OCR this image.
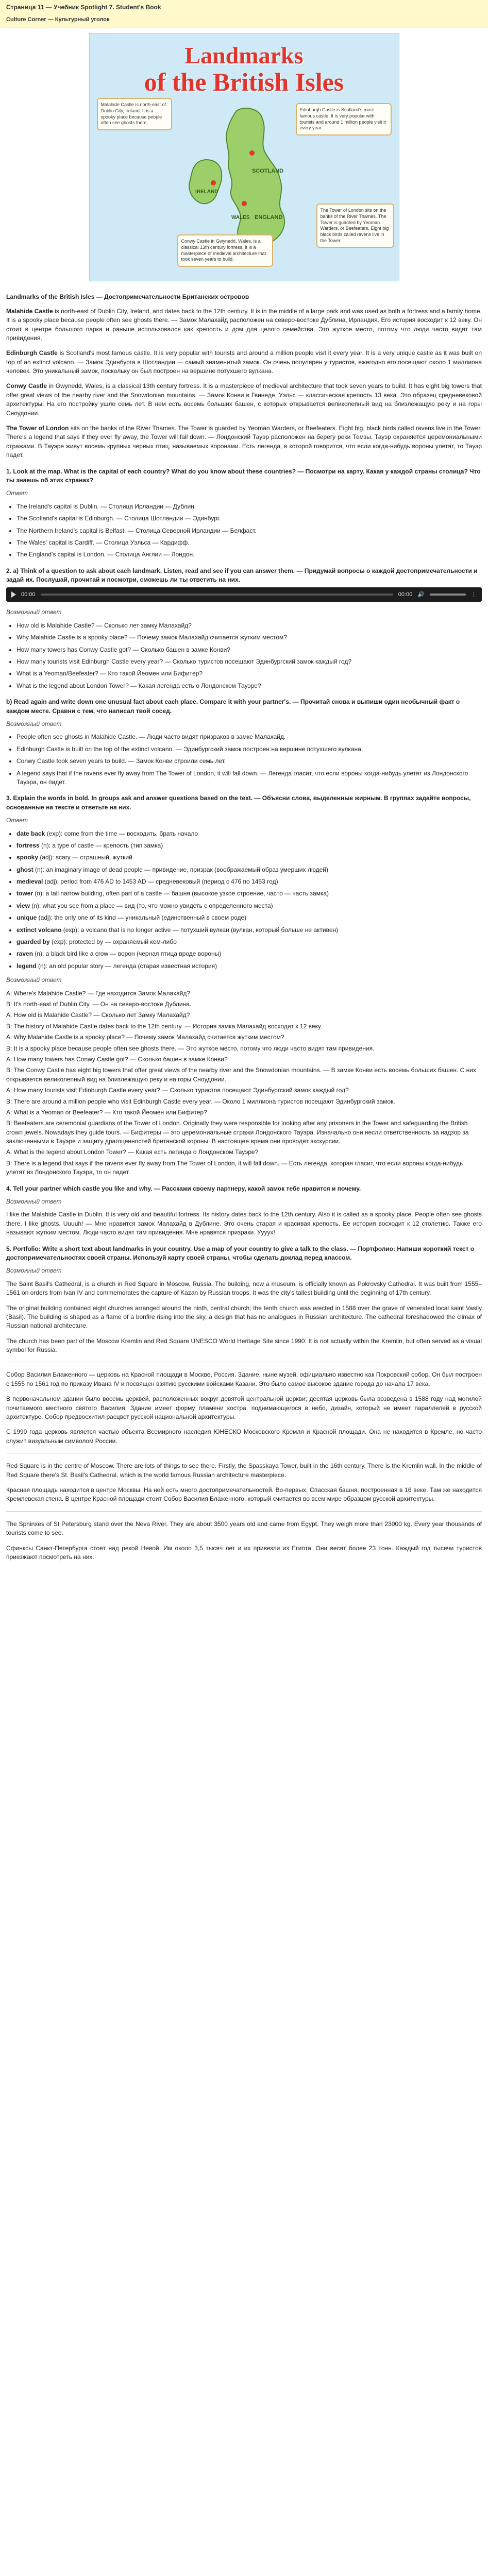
Страница 11 — Учебник Spotlight 7. Student's Book
Culture Corner — Культурный уголок
SCOTLAND
ENGLAND
IRELAND
WALES
Landmarks
of the British Isles
Malahide Castle is north-east of Dublin City, Ireland. It is a spooky place because people often see ghosts there.
Edinburgh Castle is Scotland's most famous castle. It is very popular with tourists and around 1 million people visit it every year.
The Tower of London sits on the banks of the River Thames. The Tower is guarded by Yeoman Warders, or Beefeaters. Eight big black birds called ravens live in the Tower.
Conwy Castle in Gwynedd, Wales, is a classical 13th century fortress. It is a masterpiece of medieval architecture that took seven years to build.
Landmarks of the British Isles — Достопримечательности Британских островов

Malahide Castle is north-east of Dublin City, Ireland, and dates back to the 12th century. It is in the middle of a large park and was used as both a fortress and a family home. It is a spooky place because people often see ghosts there. — Замок Малахайд расположен на северо-востоке Дублина, Ирландия. Его история восходит к 12 веку. Он стоит в центре большого парка и раньше использовался как крепость и дом для целого семейства. Это жуткое место, потому что люди часто видят там привидения.

Edinburgh Castle is Scotland's most famous castle. It is very popular with tourists and around a million people visit it every year. It is a very unique castle as it was built on top of an extinct volcano. — Замок Эдинбурга в Шотландии — самый знаменитый замок. Он очень популярен у туристов, ежегодно его посещают около 1 миллиона человек. Это уникальный замок, поскольку он был построен на вершине потухшего вулкана.

Conwy Castle in Gwynedd, Wales, is a classical 13th century fortress. It is a masterpiece of medieval architecture that took seven years to build. It has eight big towers that offer great views of the nearby river and the Snowdonian mountains. — Замок Конви в Гвинеде, Уэльс — классическая крепость 13 века. Это образец средневековой архитектуры. На его постройку ушло семь лет. В нем есть восемь больших башен, с которых открывается великолепный вид на близлежащую реку и на горы Сноудонии.

The Tower of London sits on the banks of the River Thames. The Tower is guarded by Yeoman Warders, or Beefeaters. Eight big, black birds called ravens live in the Tower. There's a legend that says if they ever fly away, the Tower will fall down. — Лондонский Тауэр расположен на берегу реки Темзы. Тауэр охраняется церемониальными стражами. В Тауэре живут восемь крупных черных птиц, называемых воронами. Есть легенда, в которой говорится, что если когда-нибудь вороны улетят, то Тауэр падет.

1. Look at the map. What is the capital of each country? What do you know about these countries? — Посмотри на карту. Какая у каждой страны столица? Что ты знаешь об этих странах?
Ответ
• The Ireland's capital is Dublin. — Столица Ирландии — Дублин.
• The Scotland's capital is Edinburgh. — Столица Шотландии — Эдинбург.
• The Northern Ireland's capital is Belfast. — Столица Северной Ирландии — Белфаст.
• The Wales' capital is Cardiff. — Столица Уэльса — Кардифф.
• The England's capital is London. — Столица Англии — Лондон.
2. a) Think of a question to ask about each landmark. Listen, read and see if you can answer them. — Придумай вопросы о каждой достопримечательности и задай их. Послушай, прочитай и посмотри, сможешь ли ты ответить на них.
00:00	00:00 🔊	⋮
Возможный ответ
• How old is Malahide Castle? — Сколько лет замку Малахайд?
• Why Malahide Castle is a spooky place? — Почему замок Малахайд считается жутким местом?
• How many towers has Conwy Castle got? — Сколько башен в замке Конви?
• How many tourists visit Edinburgh Castle every year? — Сколько туристов посещают Эдинбургский замок каждый год?
• What is a Yeoman/Beefeater? — Кто такой Йеомен или Бифитер?
• What is the legend about London Tower? — Какая легенда есть о Лондонском Тауэре?
b) Read again and write down one unusual fact about each place. Compare it with your partner's. — Прочитай снова и выпиши один необычный факт о каждом месте. Сравни с тем, что написал твой сосед.
Возможный ответ
• People often see ghosts in Malahide Castle. — Люди часто видят призраков в замке Малахайд.
• Edinburgh Castle is built on the top of the extinct volcano. — Эдинбургский замок построен на вершине потухшего вулкана.
• Conwy Castle took seven years to build. — Замок Конви строили семь лет.
• A legend says that if the ravens ever fly away from The Tower of London, it will fall down. — Легенда гласит, что если вороны когда-нибудь улетят из Лондонского Тауэра, он падет.
3. Explain the words in bold. In groups ask and answer questions based on the text. — Объясни слова, выделенные жирным. В группах задайте вопросы, основанные на тексте и ответьте на них.
Ответ
• date back (exp): come from the time — восходить, брать начало
• fortress (n): a type of castle — крепость (тип замка)
• spooky (adj): scary — страшный, жуткий
• ghost (n): an imaginary image of dead people — привидение, призрак (воображаемый образ умерших людей)
• medieval (adj): period from 476 AD to 1453 AD — средневековый (период с 476 по 1453 год)
• tower (n): a tall narrow building, often part of a castle — башня (высокое узкое строение, часто — часть замка)
• view (n): what you see from a place — вид (то, что можно увидеть с определенного места)
• unique (adj): the only one of its kind — уникальный (единственный в своем роде)
• extinct volcano (exp): a volcano that is no longer active — потухший вулкан (вулкан, который больше не активен)
• guarded by (exp): protected by — охраняемый кем-либо
• raven (n): a black bird like a crow — ворон (черная птица вроде вороны)
• legend (n): an old popular story — легенда (старая известная история)
Возможный ответ
A: Where's Malahide Castle? — Где находится Замок Малахайд?
B: It's north-east of Dublin City. — Он на северо-востоке Дублина.
A: How old is Malahide Castle? — Сколько лет Замку Малахайд?
B: The history of Malahide Castle dates back to the 12th century. — История замка Малахайд восходит к 12 веку.
A: Why Malahide Castle is a spooky place? — Почему замок Малахайд считается жутким местом?
B: It is a spooky place because people often see ghosts there. — Это жуткое место, потому что люди часто видят там привидения.
A: How many towers has Conwy Castle got? — Сколько башен в замке Конви?
B: The Conwy Castle has eight big towers that offer great views of the nearby river and the Snowdonian mountains. — В замке Конви есть восемь больших башен. С них открывается великолепный вид на близлежащую реку и на горы Сноудонии.
A: How many tourists visit Edinburgh Castle every year? — Сколько туристов посещают Эдинбургский замок каждый год?
B: There are around a million people who visit Edinburgh Castle every year. — Около 1 миллиона туристов посещают Эдинбургский замок.
A: What is a Yeoman or Beefeater? — Кто такой Йеомен или Бифитер?
B: Beefeaters are ceremonial guardians of the Tower of London. Originally they were responsible for looking after any prisoners in the Tower and safeguarding the British crown jewels. Nowadays they guide tours. — Бифитеры — это церемониальные стражи Лондонского Тауэра. Изначально они несли ответственность за надзор за заключенными в Тауэре и защиту драгоценностей британской короны. В настоящее время они проводят экскурсии.
A: What is the legend about London Tower? — Какая есть легенда о Лондонском Тауэре?
B: There is a legend that says if the ravens ever fly away from The Tower of London, it will fall down. — Есть легенда, которая гласит, что если вороны когда-нибудь улетят из Лондонского Тауэра, то он падет.
4. Tell your partner which castle you like and why. — Расскажи своему партнеру, какой замок тебе нравится и почему.
Возможный ответ

I like the Malahide Castle in Dublin. It is very old and beautiful fortress. Its history dates back to the 12th century. Also it is called as a spooky place. People often see ghosts there. I like ghosts. Uuuuh! — Мне нравится замок Малахайд в Дублине. Это очень старая и красивая крепость. Ее история восходит к 12 столетию. Также его называют жутким местом. Люди часто видят там привидения. Мне нравятся призраки. Уууух!

5. Portfolio: Write a short text about landmarks in your country. Use a map of your country to give a talk to the class. — Портфолио: Напиши короткий текст о достопримечательностях своей страны. Используй карту своей страны, чтобы сделать доклад перед классом.
Возможный ответ

The Saint Basil's Cathedral, is a church in Red Square in Moscow, Russia. The building, now a museum, is officially known as Pokrovsky Cathedral. It was built from 1555–1561 on orders from Ivan IV and commemorates the capture of Kazan by Russian troops. It was the city's tallest building until the beginning of 17th century.

The original building contained eight churches arranged around the ninth, central church; the tenth church was erected in 1588 over the grave of venerated local saint Vasily (Basil). The building is shaped as a flame of a bonfire rising into the sky, a design that has no analogues in Russian architecture. The cathedral foreshadowed the climax of Russian national architecture.

The church has been part of the Moscow Kremlin and Red Square UNESCO World Heritage Site since 1990. It is not actually within the Kremlin, but often served as a visual symbol for Russia.

Собор Василия Блаженного — церковь на Красной площади в Москве, Россия. Здание, ныне музей, официально известно как Покровский собор. Он был построен с 1555 по 1561 год по приказу Ивана IV и посвящен взятию русскими войсками Казани. Это было самое высокое здание города до начала 17 века.

В первоначальном здании было восемь церквей, расположенных вокруг девятой центральной церкви; десятая церковь была возведена в 1588 году над могилой почитаемого местного святого Василия. Здание имеет форму пламени костра, поднимающегося в небо, дизайн, который не имеет параллелей в русской архитектуре. Собор предвосхитил расцвет русской национальной архитектуры.

С 1990 года церковь является частью объекта Всемирного наследия ЮНЕСКО Московского Кремля и Красной площади. Она не находится в Кремле, но часто служит визуальным символом России.

Red Square is in the centre of Moscow. There are lots of things to see there. Firstly, the Spasskaya Tower, built in the 16th century. There is the Kremlin wall. In the middle of Red Square there's St. Basil's Cathedral, which is the world famous Russian architecture masterpiece.

Красная площадь находится в центре Москвы. На ней есть много достопримечательностей. Во-первых, Спасская башня, построенная в 16 веке. Там же находится Кремлевская стена. В центре Красной площади стоит Собор Василия Блаженного, который считается во всем мире образцом русской архитектуры.

The Sphinxes of St Petersburg stand over the Neva River. They are about 3500 years old and came from Egypt. They weigh more than 23000 kg. Every year thousands of tourists come to see.

Сфинксы Санкт-Петербурга стоят над рекой Невой. Им около 3,5 тысяч лет и их привезли из Египта. Они весят более 23 тонн. Каждый год тысячи туристов приезжают посмотреть на них.
